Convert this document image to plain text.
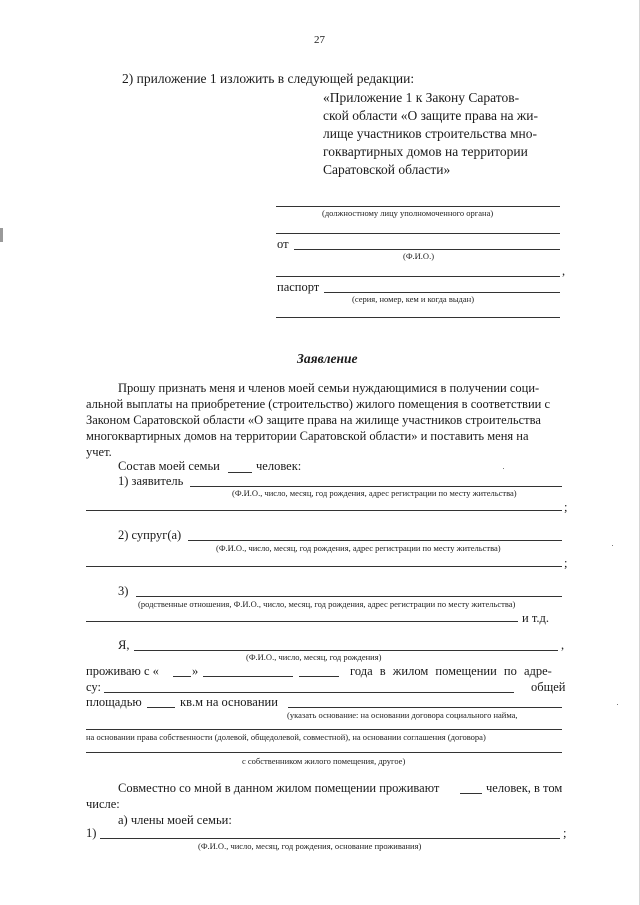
27
2) приложение 1 изложить в следующей редакции:
«Приложение 1 к Закону Саратов-
ской области «О защите права на жи-
лище участников строительства мно-
гоквартирных домов на территории
Саратовской области»
(должностному лицу уполномоченного органа)
от
(Ф.И.О.)
,
паспорт
(серия, номер, кем и когда выдан)
Заявление
Прошу признать меня и членов моей семьи нуждающимися в получении соци-
альной выплаты на приобретение (строительство) жилого помещения в соответствии с
Законом Саратовской области «О защите права на жилище участников строительства
многоквартирных домов на территории Саратовской области» и поставить меня на
учет.
Состав моей семьи	человек:
1) заявитель
(Ф.И.О., число, месяц, год рождения, адрес регистрации по месту жительства)
;
2) супруг(а)
(Ф.И.О., число, месяц, год рождения, адрес регистрации по месту жительства)
;
3)
(родственные отношения, Ф.И.О., число, месяц, год рождения, адрес регистрации по месту жительства)
и т.д.
Я,	,
(Ф.И.О., число, месяц, год рождения)
проживаю с «	»	года в жилом помещении по адре-
су:	общей
площадью	кв.м на основании
(указать основание: на основании договора социального найма,
на основании права собственности (долевой, общедолевой, совместной), на основании соглашения (договора)
с собственником жилого помещения, другое)
Совместно со мной в данном жилом помещении проживают	человек, в том
числе:
а) члены моей семьи:
1)	;
(Ф.И.О., число, месяц, год рождения, основание проживания)
